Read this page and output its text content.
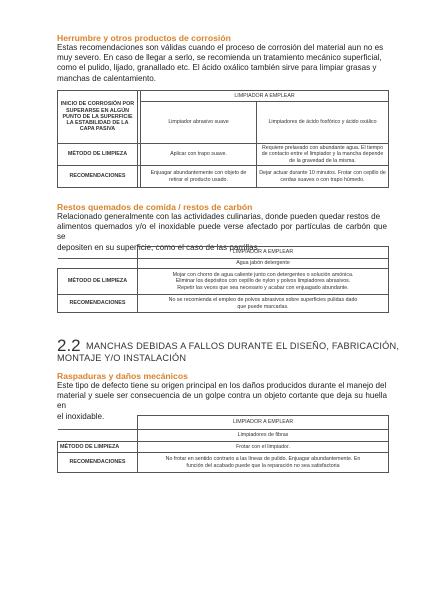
Herrumbre y otros productos de corrosión
Estas recomendaciones son válidas cuando el proceso de corrosión del material aun no es
muy severo. En caso de llegar a serlo, se recomienda un tratamiento mecánico superficial,
como el pulido, lijado, granallado etc. El ácido oxálico también sirve para limpiar grasas y
manchas de calentamiento.
INICIO DE CORROSIÓN POR SUPERARSE EN ALGÚN PUNTO DE LA SUPERFICIE LA ESTABILIDAD DE LA CAPA PASIVA		LIMPIADOR A EMPLEAR	
		Limpiador abrasivo suave	Limpiadores de ácido fosfórico y ácido oxálico
MÉTODO DE LIMPIEZA		Aplicar con trapo suave.	Requiere prelavado con abundante agua. El tiempo de contacto entre el limpiador y la mancha depende de la gravedad de la misma.
RECOMENDACIONES		Enjuagar abundantemente con objeto de retirar el producto usado.	Dejar actuar durante 10 minutos. Frotar con cepillo de cerdas suaves o con trapo húmedo.
Restos quemados de comida / restos de carbón
Relacionado generalmente con las actividades culinarias, donde pueden quedar restos de
alimentos quemados y/o el inoxidable puede verse afectado por partículas de carbón que se
depositen en su superficie, como el caso de las parrillas.
	LIMPIADOR A EMPLEAR
	Agua jabón detergente
MÉTODO DE LIMPIEZA	Mojar con chorro de agua caliente junto con detergentes o solución amónica.
Eliminar los depósitos con cepillo de nylon y polvos limpiadores abrasivos.
Repetir las veces que sea necesario y acabar con enjuagado abundante.

RECOMENDACIONES	No se recomienda el empleo de polvos abrasivos sobre superficies pulidas dado
que puede marcarlas.
2.2 MANCHAS DEBIDAS A FALLOS DURANTE EL DISEÑO, FABRICACIÓN,
MONTAJE Y/O INSTALACIÓN
Raspaduras y daños mecánicos
Este tipo de defecto tiene su origen principal en los daños producidos durante el manejo del
material y suele ser consecuencia de un golpe contra un objeto cortante que deja su huella en
el inoxidable.
	LIMPIADOR A EMPLEAR
	Limpiadores de fibras
MÉTODO DE LIMPIEZA	Frotar con el limpiador.
RECOMENDACIONES	No frotar en sentido contrario a las líneas de pulido. Enjuagar abundantemente. En
función del acabado puede que la reparación no sea satisfactoria
